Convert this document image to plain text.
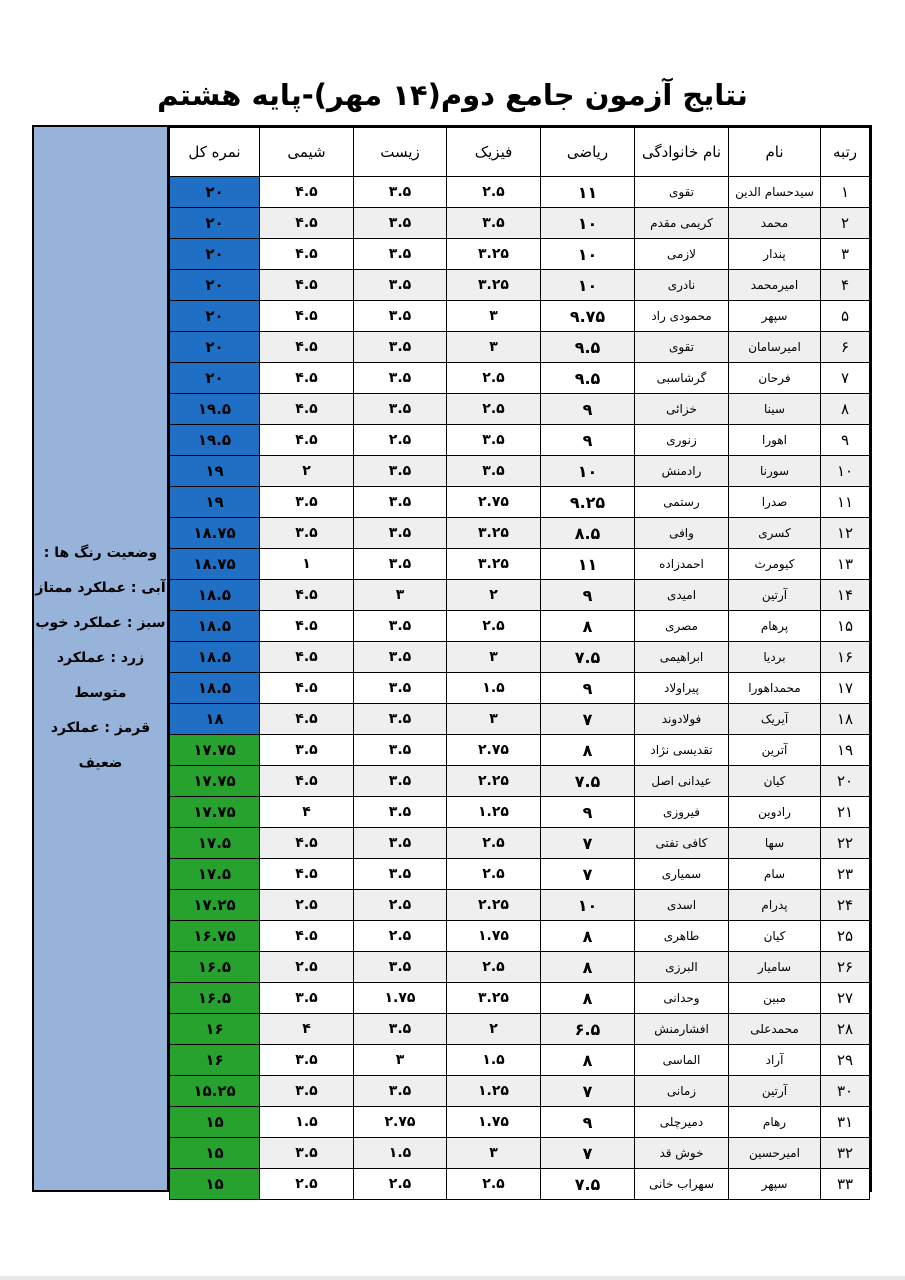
نتایج آزمون جامع دوم(۱۴ مهر)-پایه هشتم
وضعیت رنگ ها :
آبی : عملکرد ممتاز
سبز : عملکرد خوب
زرد : عملکرد
متوسط
قرمز : عملکرد
ضعیف
رتبه	نام	نام خانوادگی	ریاضی	فیزیک	زیست	شیمی	نمره کل
۱	سیدحسام الدین	تقوی	۱۱	۲.۵	۳.۵	۴.۵	۲۰
۲	محمد	کریمی مقدم	۱۰	۳.۵	۳.۵	۴.۵	۲۰
۳	پندار	لازمی	۱۰	۳.۲۵	۳.۵	۴.۵	۲۰
۴	امیرمحمد	نادری	۱۰	۳.۲۵	۳.۵	۴.۵	۲۰
۵	سپهر	محمودی راد	۹.۷۵	۳	۳.۵	۴.۵	۲۰
۶	امیرسامان	تقوی	۹.۵	۳	۳.۵	۴.۵	۲۰
۷	فرحان	گرشاسبی	۹.۵	۲.۵	۳.۵	۴.۵	۲۰
۸	سینا	خزائی	۹	۲.۵	۳.۵	۴.۵	۱۹.۵
۹	اهورا	زنوری	۹	۳.۵	۲.۵	۴.۵	۱۹.۵
۱۰	سورنا	رادمنش	۱۰	۳.۵	۳.۵	۲	۱۹
۱۱	صدرا	رستمی	۹.۲۵	۲.۷۵	۳.۵	۳.۵	۱۹
۱۲	کسری	وافی	۸.۵	۳.۲۵	۳.۵	۳.۵	۱۸.۷۵
۱۳	کیومرث	احمدزاده	۱۱	۳.۲۵	۳.۵	۱	۱۸.۷۵
۱۴	آرتین	امیدی	۹	۲	۳	۴.۵	۱۸.۵
۱۵	پرهام	مصری	۸	۲.۵	۳.۵	۴.۵	۱۸.۵
۱۶	بردیا	ابراهیمی	۷.۵	۳	۳.۵	۴.۵	۱۸.۵
۱۷	محمداهورا	پیراولاد	۹	۱.۵	۳.۵	۴.۵	۱۸.۵
۱۸	آیریک	فولادوند	۷	۳	۳.۵	۴.۵	۱۸
۱۹	آترین	تقدیسی نژاد	۸	۲.۷۵	۳.۵	۳.۵	۱۷.۷۵
۲۰	کیان	عیدانی اصل	۷.۵	۲.۲۵	۳.۵	۴.۵	۱۷.۷۵
۲۱	رادوین	فیروزی	۹	۱.۲۵	۳.۵	۴	۱۷.۷۵
۲۲	سها	کافی تفتی	۷	۲.۵	۳.۵	۴.۵	۱۷.۵
۲۳	سام	سمیاری	۷	۲.۵	۳.۵	۴.۵	۱۷.۵
۲۴	پدرام	اسدی	۱۰	۲.۲۵	۲.۵	۲.۵	۱۷.۲۵
۲۵	کیان	طاهری	۸	۱.۷۵	۲.۵	۴.۵	۱۶.۷۵
۲۶	سامیار	البرزی	۸	۲.۵	۳.۵	۲.۵	۱۶.۵
۲۷	مبین	وحدانی	۸	۳.۲۵	۱.۷۵	۳.۵	۱۶.۵
۲۸	محمدعلی	افشارمنش	۶.۵	۲	۳.۵	۴	۱۶
۲۹	آراد	الماسی	۸	۱.۵	۳	۳.۵	۱۶
۳۰	آرتین	زمانی	۷	۱.۲۵	۳.۵	۳.۵	۱۵.۲۵
۳۱	رهام	دمیرچلی	۹	۱.۷۵	۲.۷۵	۱.۵	۱۵
۳۲	امیرحسین	خوش قد	۷	۳	۱.۵	۳.۵	۱۵
۳۳	سپهر	سهراب خانی	۷.۵	۲.۵	۲.۵	۲.۵	۱۵
